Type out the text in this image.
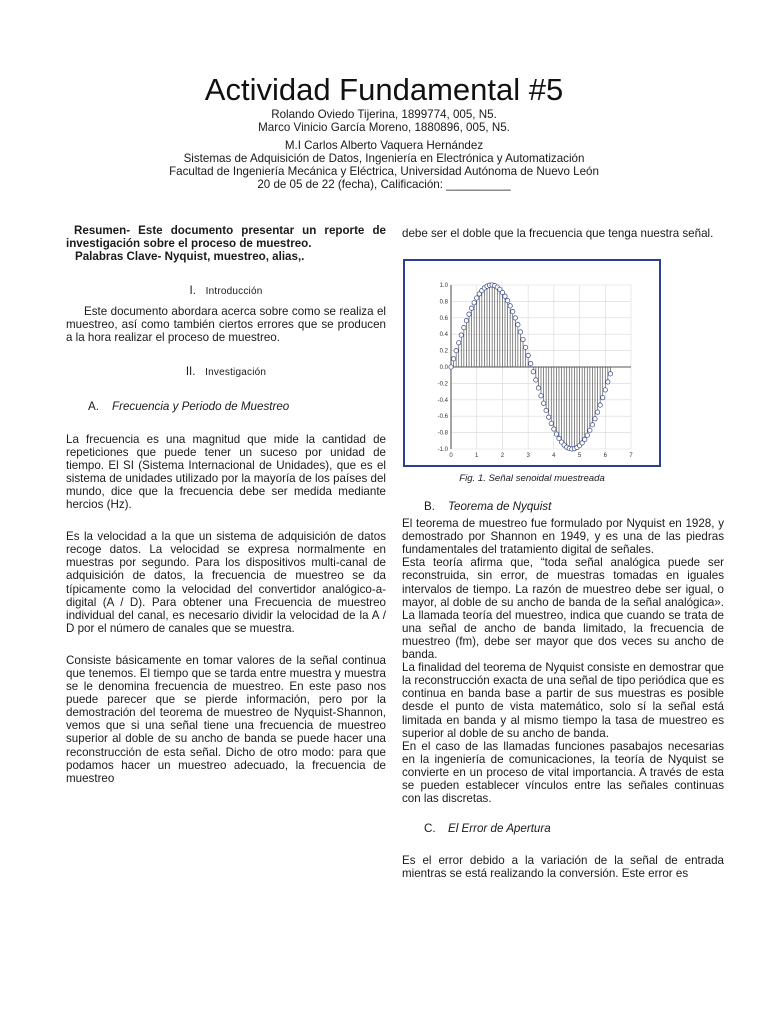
Actividad Fundamental #5
Rolando Oviedo Tijerina, 1899774, 005, N5.
Marco Vinicio García Moreno, 1880896, 005, N5.
M.I Carlos Alberto Vaquera Hernández
Sistemas de Adquisición de Datos, Ingeniería en Electrónica y Automatización
Facultad de Ingeniería Mecánica y Eléctrica, Universidad Autónoma de Nuevo León
20 de 05 de 22 (fecha), Calificación: __________

Resumen- Este documento presentar un reporte de investigación sobre el proceso de muestreo.

Palabras Clave- Nyquist, muestreo, alias,.

I. Introducción

Este documento abordara acerca sobre como se realiza el muestreo, así como también ciertos errores que se producen a la hora realizar el proceso de muestreo.

II. Investigación

A. Frecuencia y Periodo de Muestreo

La frecuencia es una magnitud que mide la cantidad de repeticiones que puede tener un suceso por unidad de tiempo. El SI (Sistema Internacional de Unidades), que es el sistema de unidades utilizado por la mayoría de los países del mundo, dice que la frecuencia debe ser medida mediante hercios (Hz).

Es la velocidad a la que un sistema de adquisición de datos recoge datos. La velocidad se expresa normalmente en muestras por segundo. Para los dispositivos multi-canal de adquisición de datos, la frecuencia de muestreo se da típicamente como la velocidad del convertidor analógico-a-digital (A / D). Para obtener una Frecuencia de muestreo individual del canal, es necesario dividir la velocidad de la A / D por el número de canales que se muestra.

Consiste básicamente en tomar valores de la señal continua que tenemos. El tiempo que se tarda entre muestra y muestra se le denomina frecuencia de muestreo. En este paso nos puede parecer que se pierde información, pero por la demostración del teorema de muestreo de Nyquist-Shannon, vemos que si una señal tiene una frecuencia de muestreo superior al doble de su ancho de banda se puede hacer una reconstrucción de esta señal. Dicho de otro modo: para que podamos hacer un muestreo adecuado, la frecuencia de muestreo

debe ser el doble que la frecuencia que tenga nuestra señal.

0	1	2	3	4	5	6	7
1.0
0.8
0.6
0.4
0.2
0.0
-0.2
-0.4
-0.6
-0.8
-1.0
Fig. 1. Señal senoidal muestreada

B. Teorema de Nyquist

El teorema de muestreo fue formulado por Nyquist en 1928, y demostrado por Shannon en 1949, y es una de las piedras fundamentales del tratamiento digital de señales.

Esta teoría afirma que, “toda señal analógica puede ser reconstruida, sin error, de muestras tomadas en iguales intervalos de tiempo. La razón de muestreo debe ser igual, o mayor, al doble de su ancho de banda de la señal analógica». La llamada teoría del muestreo, indica que cuando se trata de una señal de ancho de banda limitado, la frecuencia de muestreo (fm), debe ser mayor que dos veces su ancho de banda.

La finalidad del teorema de Nyquist consiste en demostrar que la reconstrucción exacta de una señal de tipo periódica que es continua en banda base a partir de sus muestras es posible desde el punto de vista matemático, solo sí la señal está limitada en banda y al mismo tiempo la tasa de muestreo es superior al doble de su ancho de banda.

En el caso de las llamadas funciones pasabajos necesarias en la ingeniería de comunicaciones, la teoría de Nyquist se convierte en un proceso de vital importancia. A través de esta se pueden establecer vínculos entre las señales continuas con las discretas.

C. El Error de Apertura

Es el error debido a la variación de la señal de entrada mientras se está realizando la conversión. Este error es
